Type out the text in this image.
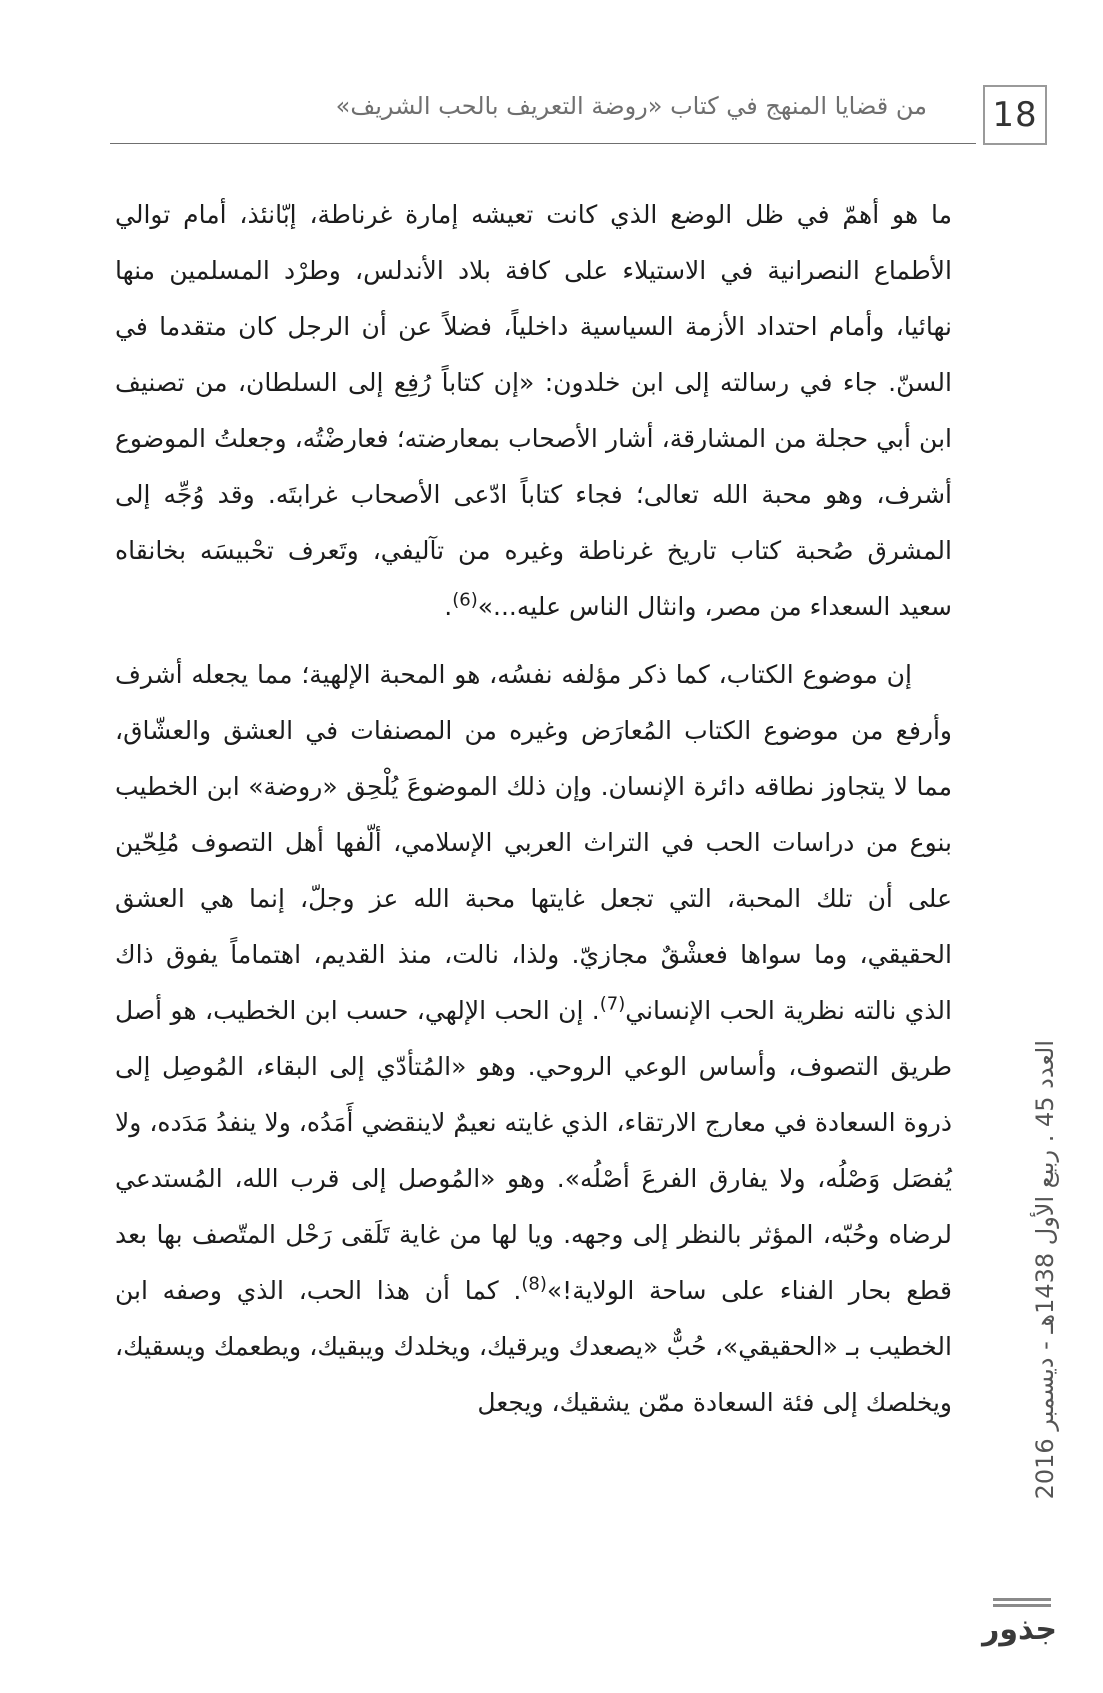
18
من قضايا المنهج في كتاب «روضة التعريف بالحب الشريف»

ما هو أهمّ في ظل الوضع الذي كانت تعيشه إمارة غرناطة، إبّانئذ، أمام توالي الأطماع النصرانية في الاستيلاء على كافة بلاد الأندلس، وطرْد المسلمين منها نهائيا، وأمام احتداد الأزمة السياسية داخلياً، فضلاً عن أن الرجل كان متقدما في السنّ. جاء في رسالته إلى ابن خلدون: «إن كتاباً رُفِع إلى السلطان، من تصنيف ابن أبي حجلة من المشارقة، أشار الأصحاب بمعارضته؛ فعارضْتُه، وجعلتُ الموضوع أشرف، وهو محبة الله تعالى؛ فجاء كتاباً ادّعى الأصحاب غرابتَه. وقد وُجِّه إلى المشرق صُحبة كتاب تاريخ غرناطة وغيره من تآليفي، وتَعرف تحْبيسَه بخانقاه سعيد السعداء من مصر، وانثال الناس عليه...»$^{(6)}$.

إن موضوع الكتاب، كما ذكر مؤلفه نفسُه، هو المحبة الإلهية؛ مما يجعله أشرف وأرفع من موضوع الكتاب المُعارَض وغيره من المصنفات في العشق والعشّاق، مما لا يتجاوز نطاقه دائرة الإنسان. وإن ذلك الموضوعَ يُلْحِق «روضة» ابن الخطيب بنوع من دراسات الحب في التراث العربي الإسلامي، ألّفها أهل التصوف مُلِحّين على أن تلك المحبة، التي تجعل غايتها محبة الله عز وجلّ، إنما هي العشق الحقيقي، وما سواها فعشْقٌ مجازيّ. ولذا، نالت، منذ القديم، اهتماماً يفوق ذاك الذي نالته نظرية الحب الإنساني$^{(7)}$. إن الحب الإلهي، حسب ابن الخطيب، هو أصل طريق التصوف، وأساس الوعي الروحي. وهو «المُتأدّي إلى البقاء، المُوصِل إلى ذروة السعادة في معارج الارتقاء، الذي غايته نعيمٌ لاينقضي أَمَدُه، ولا ينفدُ مَدَده، ولا يُفصَل وَصْلُه، ولا يفارق الفرعَ أصْلُه». وهو «المُوصل إلى قرب الله، المُستدعي لرضاه وحُبّه، المؤثر بالنظر إلى وجهه. ويا لها من غاية تَلَقى رَحْل المتّصف بها بعد قطع بحار الفناء على ساحة الولاية!»$^{(8)}$. كما أن هذا الحب، الذي وصفه ابن الخطيب بـ «الحقيقي»، حُبٌّ «يصعدك ويرقيك، ويخلدك ويبقيك، ويطعمك ويسقيك، ويخلصك إلى فئة السعادة ممّن يشقيك، ويجعل

العدد 45 . ربيع الأول 1438هـ - ديسمبر 2016
جذور
